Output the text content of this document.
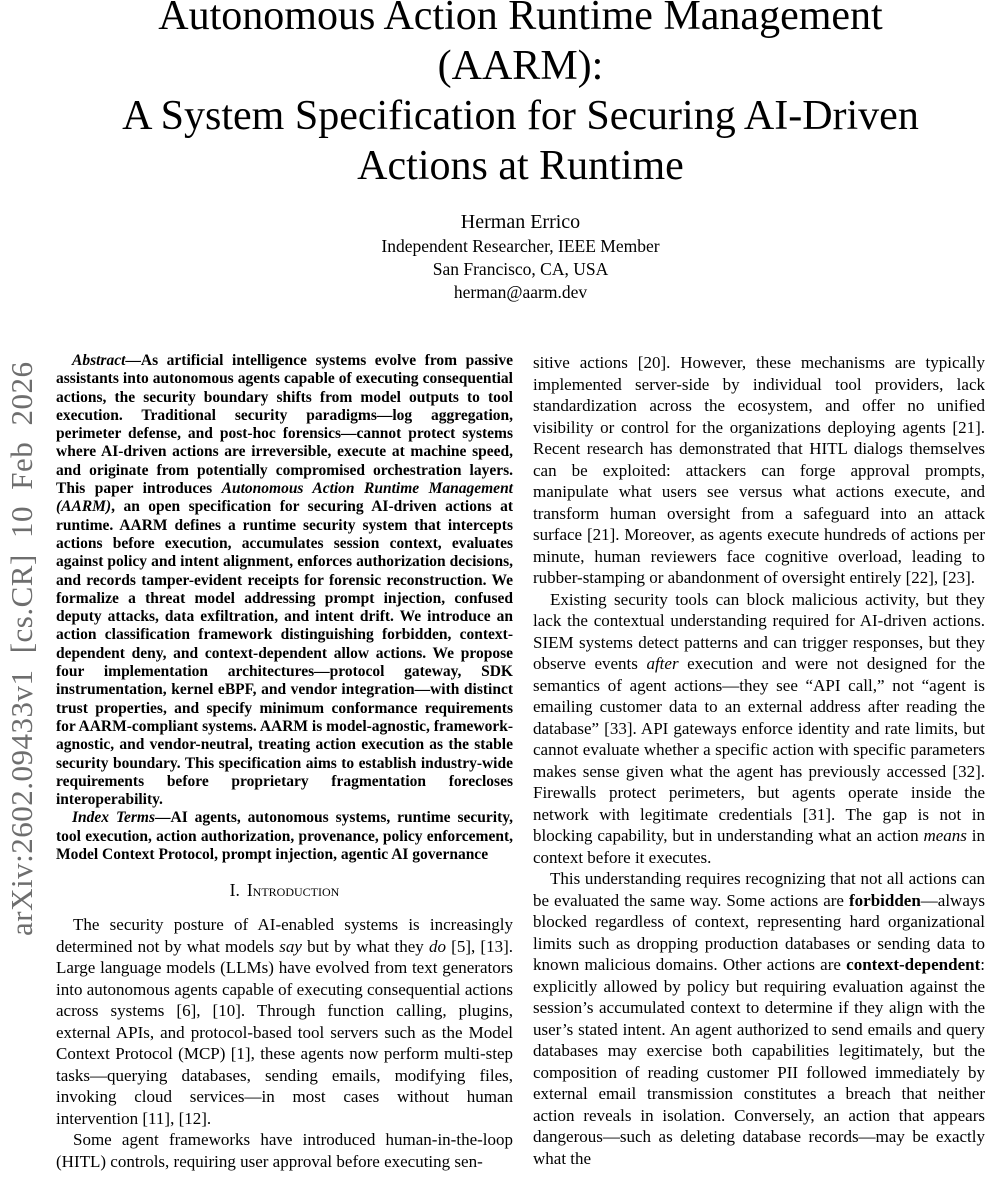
arXiv:2602.09433v1 [cs.CR] 10 Feb 2026
Autonomous Action Runtime Management
(AARM):
A System Specification for Securing AI-Driven
Actions at Runtime
Herman Errico
Independent Researcher, IEEE Member
San Francisco, CA, USA
herman@aarm.dev

Abstract—As artificial intelligence systems evolve from passive assistants into autonomous agents capable of executing consequential actions, the security boundary shifts from model outputs to tool execution. Traditional security paradigms—log aggregation, perimeter defense, and post-hoc forensics—cannot protect systems where AI-driven actions are irreversible, execute at machine speed, and originate from potentially compromised orchestration layers. This paper introduces Autonomous Action Runtime Management (AARM), an open specification for securing AI-driven actions at runtime. AARM defines a runtime security system that intercepts actions before execution, accumulates session context, evaluates against policy and intent alignment, enforces authorization decisions, and records tamper-evident receipts for forensic reconstruction. We formalize a threat model addressing prompt injection, confused deputy attacks, data exfiltration, and intent drift. We introduce an action classification framework distinguishing forbidden, context-dependent deny, and context-dependent allow actions. We propose four implementation architectures—protocol gateway, SDK instrumentation, kernel eBPF, and vendor integration—with distinct trust properties, and specify minimum conformance requirements for AARM-compliant systems. AARM is model-agnostic, framework-agnostic, and vendor-neutral, treating action execution as the stable security boundary. This specification aims to establish industry-wide requirements before proprietary fragmentation forecloses interoperability.

Index Terms—AI agents, autonomous systems, runtime security, tool execution, action authorization, provenance, policy enforcement, Model Context Protocol, prompt injection, agentic AI governance

I. Introduction

The security posture of AI-enabled systems is increasingly determined not by what models say but by what they do [5], [13]. Large language models (LLMs) have evolved from text generators into autonomous agents capable of executing consequential actions across systems [6], [10]. Through function calling, plugins, external APIs, and protocol-based tool servers such as the Model Context Protocol (MCP) [1], these agents now perform multi-step tasks—querying databases, sending emails, modifying files, invoking cloud services—in most cases without human intervention [11], [12].

Some agent frameworks have introduced human-in-the-loop (HITL) controls, requiring user approval before executing sen-

sitive actions [20]. However, these mechanisms are typically implemented server-side by individual tool providers, lack standardization across the ecosystem, and offer no unified visibility or control for the organizations deploying agents [21]. Recent research has demonstrated that HITL dialogs themselves can be exploited: attackers can forge approval prompts, manipulate what users see versus what actions execute, and transform human oversight from a safeguard into an attack surface [21]. Moreover, as agents execute hundreds of actions per minute, human reviewers face cognitive overload, leading to rubber-stamping or abandonment of oversight entirely [22], [23].

Existing security tools can block malicious activity, but they lack the contextual understanding required for AI-driven actions. SIEM systems detect patterns and can trigger responses, but they observe events after execution and were not designed for the semantics of agent actions—they see “API call,” not “agent is emailing customer data to an external address after reading the database” [33]. API gateways enforce identity and rate limits, but cannot evaluate whether a specific action with specific parameters makes sense given what the agent has previously accessed [32]. Firewalls protect perimeters, but agents operate inside the network with legitimate credentials [31]. The gap is not in blocking capability, but in understanding what an action means in context before it executes.

This understanding requires recognizing that not all actions can be evaluated the same way. Some actions are forbidden—always blocked regardless of context, representing hard organizational limits such as dropping production databases or sending data to known malicious domains. Other actions are context-dependent: explicitly allowed by policy but requiring evaluation against the session’s accumulated context to determine if they align with the user’s stated intent. An agent authorized to send emails and query databases may exercise both capabilities legitimately, but the composition of reading customer PII followed immediately by external email transmission constitutes a breach that neither action reveals in isolation. Conversely, an action that appears dangerous—such as deleting database records—may be exactly what the
